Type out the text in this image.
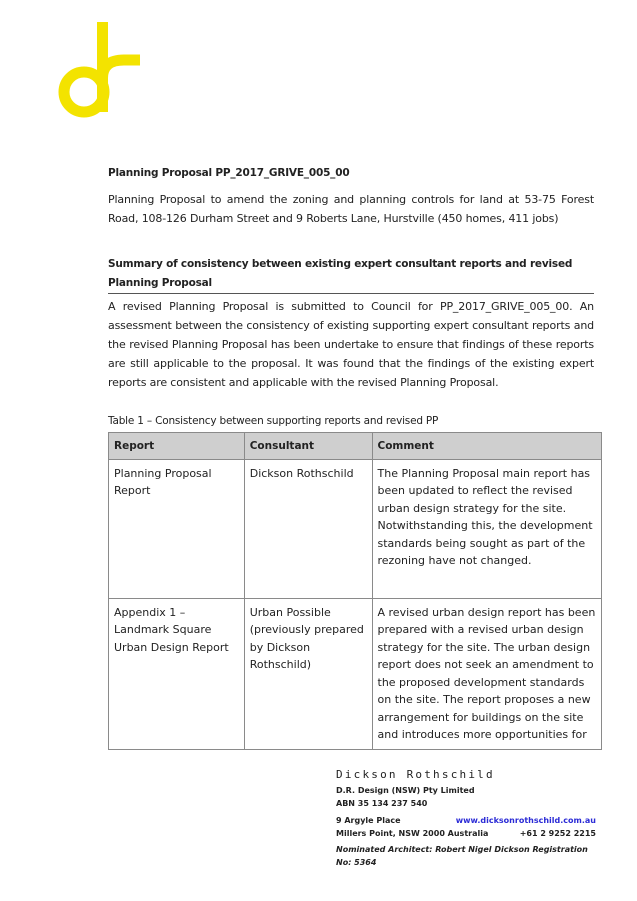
Planning Proposal PP_2017_GRIVE_005_00

Planning Proposal to amend the zoning and planning controls for land at 53-75 Forest Road, 108-126 Durham Street and 9 Roberts Lane, Hurstville (450 homes, 411 jobs)

Summary of consistency between existing expert consultant reports and revised Planning Proposal

A revised Planning Proposal is submitted to Council for PP_2017_GRIVE_005_00. An assessment between the consistency of existing supporting expert consultant reports and the revised Planning Proposal has been undertake to ensure that findings of these reports are still applicable to the proposal. It was found that the findings of the existing expert reports are consistent and applicable with the revised Planning Proposal.

Table 1 – Consistency between supporting reports and revised PP
Report	Consultant	Comment
Planning Proposal Report	Dickson Rothschild	The Planning Proposal main report has been updated to reflect the revised urban design strategy for the site. Notwithstanding this, the development standards being sought as part of the rezoning have not changed.
Appendix 1 – Landmark Square Urban Design Report	Urban Possible (previously prepared by Dickson Rothschild)	A revised urban design report has been prepared with a revised urban design strategy for the site. The urban design report does not seek an amendment to the proposed development standards on the site. The report proposes a new arrangement for buildings on the site and introduces more opportunities for
Dickson Rothschild
D.R. Design (NSW) Pty Limited
ABN 35 134 237 540
9 Argyle Place	www.dicksonrothschild.com.au
Millers Point, NSW 2000 Australia	+61 2 9252 2215
Nominated Architect: Robert Nigel Dickson Registration No: 5364
